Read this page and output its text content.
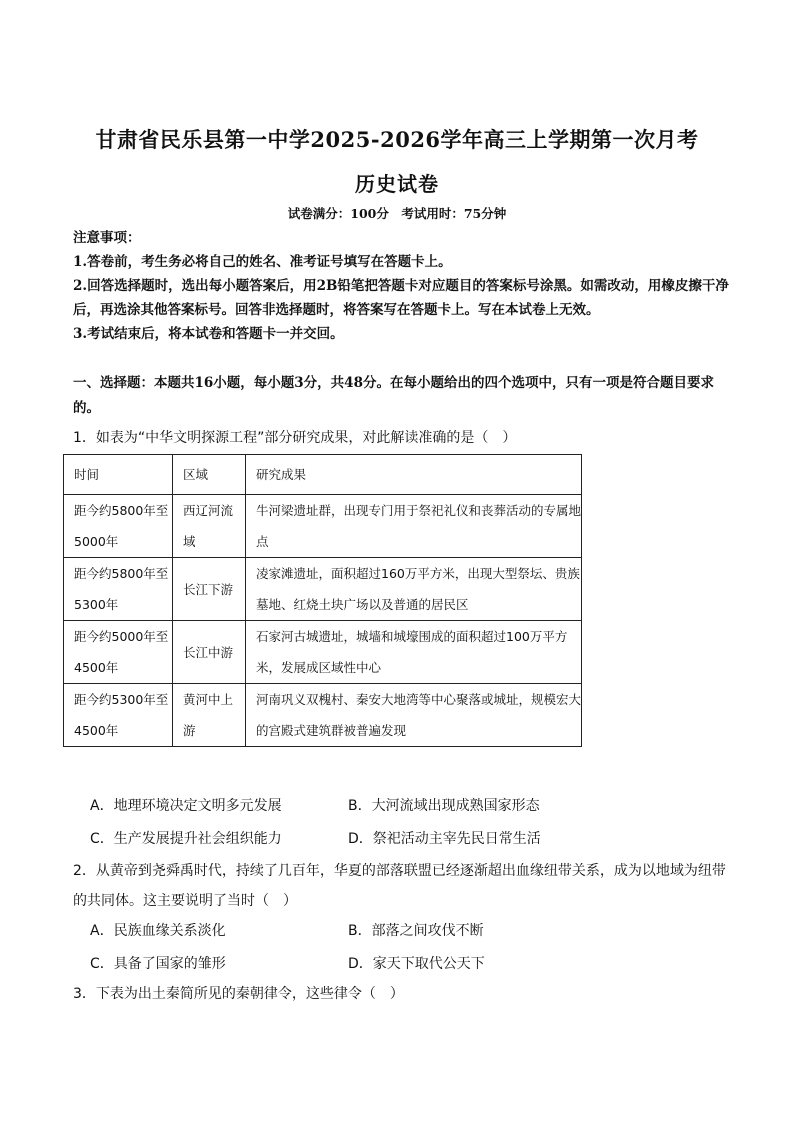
甘肃省民乐县第一中学2025-2026学年高三上学期第一次月考
历史试卷
试卷满分：100分　考试用时：75分钟

注意事项：

1.答卷前，考生务必将自己的姓名、准考证号填写在答题卡上。

2.回答选择题时，选出每小题答案后，用2B铅笔把答题卡对应题目的答案标号涂黑。如需改动，用橡皮擦干净后，再选涂其他答案标号。回答非选择题时，将答案写在答题卡上。写在本试卷上无效。

3.考试结束后，将本试卷和答题卡一并交回。

一、选择题：本题共16小题，每小题3分，共48分。在每小题给出的四个选项中，只有一项是符合题目要求的。
1．如表为“中华文明探源工程”部分研究成果，对此解读准确的是（　）
时间	区域	研究成果
距今约5800年至5000年	西辽河流域	牛河梁遗址群，出现专门用于祭祀礼仪和丧葬活动的专属地点
距今约5800年至5300年	长江下游	凌家滩遗址，面积超过160万平方米，出现大型祭坛、贵族墓地、红烧土块广场以及普通的居民区
距今约5000年至4500年	长江中游	石家河古城遗址，城墙和城壕围成的面积超过100万平方米，发展成区域性中心
距今约5300年至4500年	黄河中上游	河南巩义双槐村、秦安大地湾等中心聚落或城址，规模宏大的宫殿式建筑群被普遍发现
A．地理环境决定文明多元发展	B．大河流域出现成熟国家形态
C．生产发展提升社会组织能力	D．祭祀活动主宰先民日常生活
2．从黄帝到尧舜禹时代，持续了几百年，华夏的部落联盟已经逐渐超出血缘纽带关系，成为以地域为纽带的共同体。这主要说明了当时（　）
A．民族血缘关系淡化	B．部落之间攻伐不断
C．具备了国家的雏形	D．家天下取代公天下
3．下表为出土秦简所见的秦朝律令，这些律令（　）
